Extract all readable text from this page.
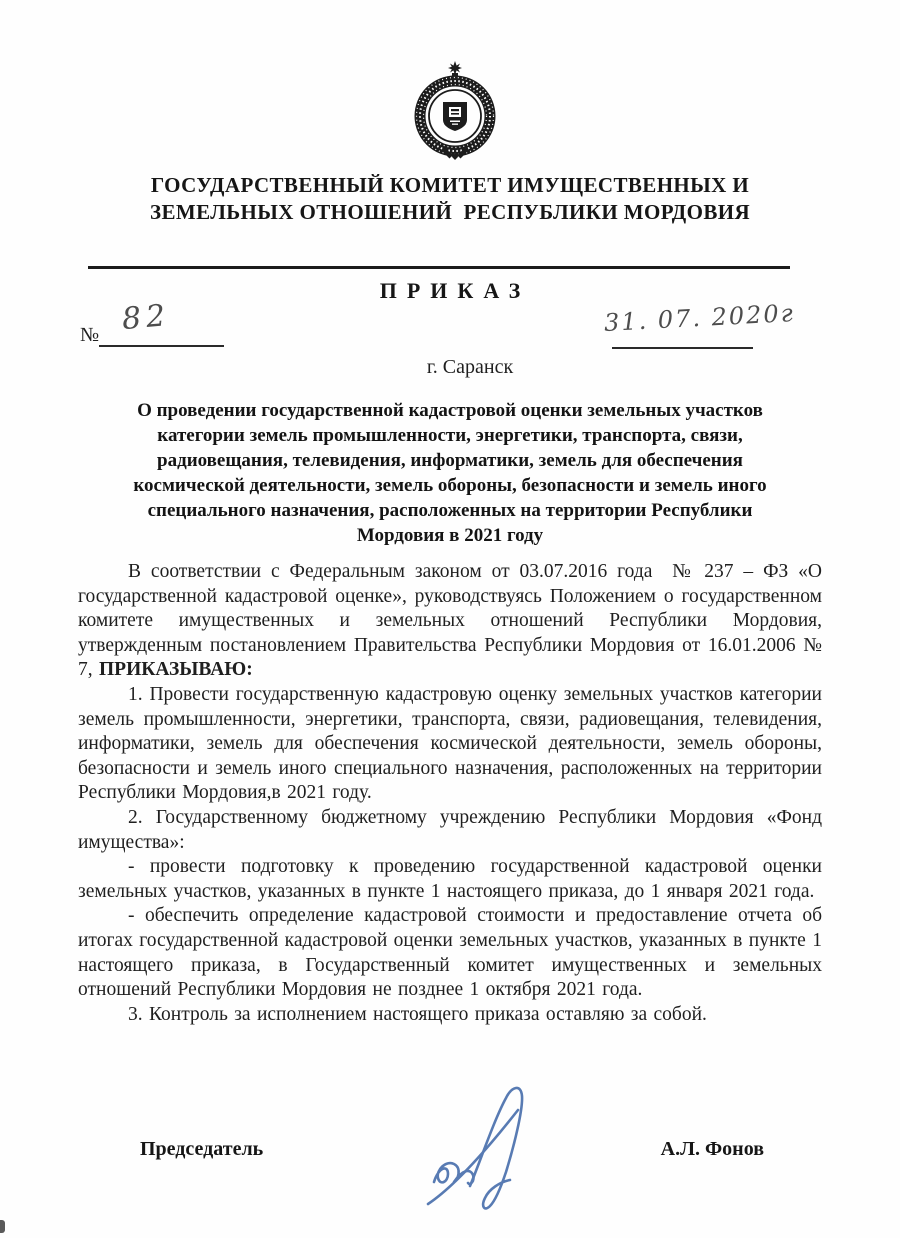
ГОСУДАРСТВЕННЫЙ КОМИТЕТ ИМУЩЕСТВЕННЫХ И
ЗЕМЕЛЬНЫХ ОТНОШЕНИЙ  РЕСПУБЛИКИ МОРДОВИЯ
ПРИКАЗ
№ 82	31. 07. 2020г
г. Саранск
О проведении государственной кадастровой оценки земельных участков
категории земель промышленности, энергетики, транспорта, связи,
радиовещания, телевидения, информатики, земель для обеспечения
космической деятельности, земель обороны, безопасности и земель иного
специального назначения, расположенных на территории Республики
Мордовия в 2021 году

В соответствии с Федеральным законом от 03.07.2016 года  № 237 – ФЗ «О государственной кадастровой оценке», руководствуясь Положением о государственном комитете имущественных и земельных отношений Республики Мордовия, утвержденным постановлением Правительства Республики Мордовия от 16.01.2006 № 7, ПРИКАЗЫВАЮ:

1. Провести государственную кадастровую оценку земельных участков категории земель промышленности, энергетики, транспорта, связи, радиовещания, телевидения, информатики, земель для обеспечения космической деятельности, земель обороны, безопасности и земель иного специального назначения, расположенных на территории Республики Мордовия,в 2021 году.

2. Государственному бюджетному учреждению Республики Мордовия «Фонд имущества»:

- провести подготовку к проведению государственной кадастровой оценки земельных участков, указанных в пункте 1 настоящего приказа, до 1 января 2021 года.

- обеспечить определение кадастровой стоимости и предоставление отчета об итогах государственной кадастровой оценки земельных участков, указанных в пункте 1 настоящего приказа, в Государственный комитет имущественных и земельных отношений Республики Мордовия не позднее 1 октября 2021 года.

3. Контроль за исполнением настоящего приказа оставляю за собой.

Председатель	А.Л. Фонов
